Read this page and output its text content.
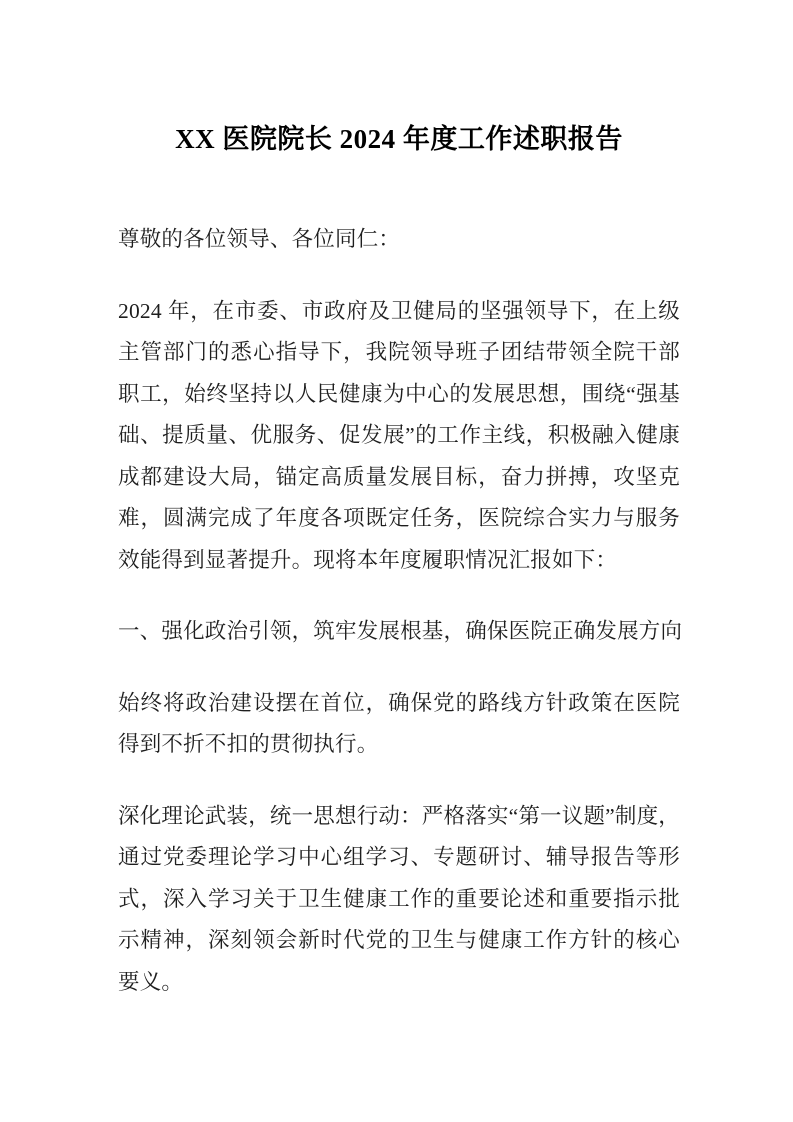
XX 医院院长 2024 年度工作述职报告

尊敬的各位领导、各位同仁：

2024 年，在市委、市政府及卫健局的坚强领导下，在上级主管部门的悉心指导下，我院领导班子团结带领全院干部职工，始终坚持以人民健康为中心的发展思想，围绕“强基础、提质量、优服务、促发展”的工作主线，积极融入健康成都建设大局，锚定高质量发展目标，奋力拼搏，攻坚克难，圆满完成了年度各项既定任务，医院综合实力与服务效能得到显著提升。现将本年度履职情况汇报如下：

一、强化政治引领，筑牢发展根基，确保医院正确发展方向

始终将政治建设摆在首位，确保党的路线方针政策在医院得到不折不扣的贯彻执行。

深化理论武装，统一思想行动：严格落实“第一议题”制度，通过党委理论学习中心组学习、专题研讨、辅导报告等形式，深入学习关于卫生健康工作的重要论述和重要指示批示精神，深刻领会新时代党的卫生与健康工作方针的核心要义。
